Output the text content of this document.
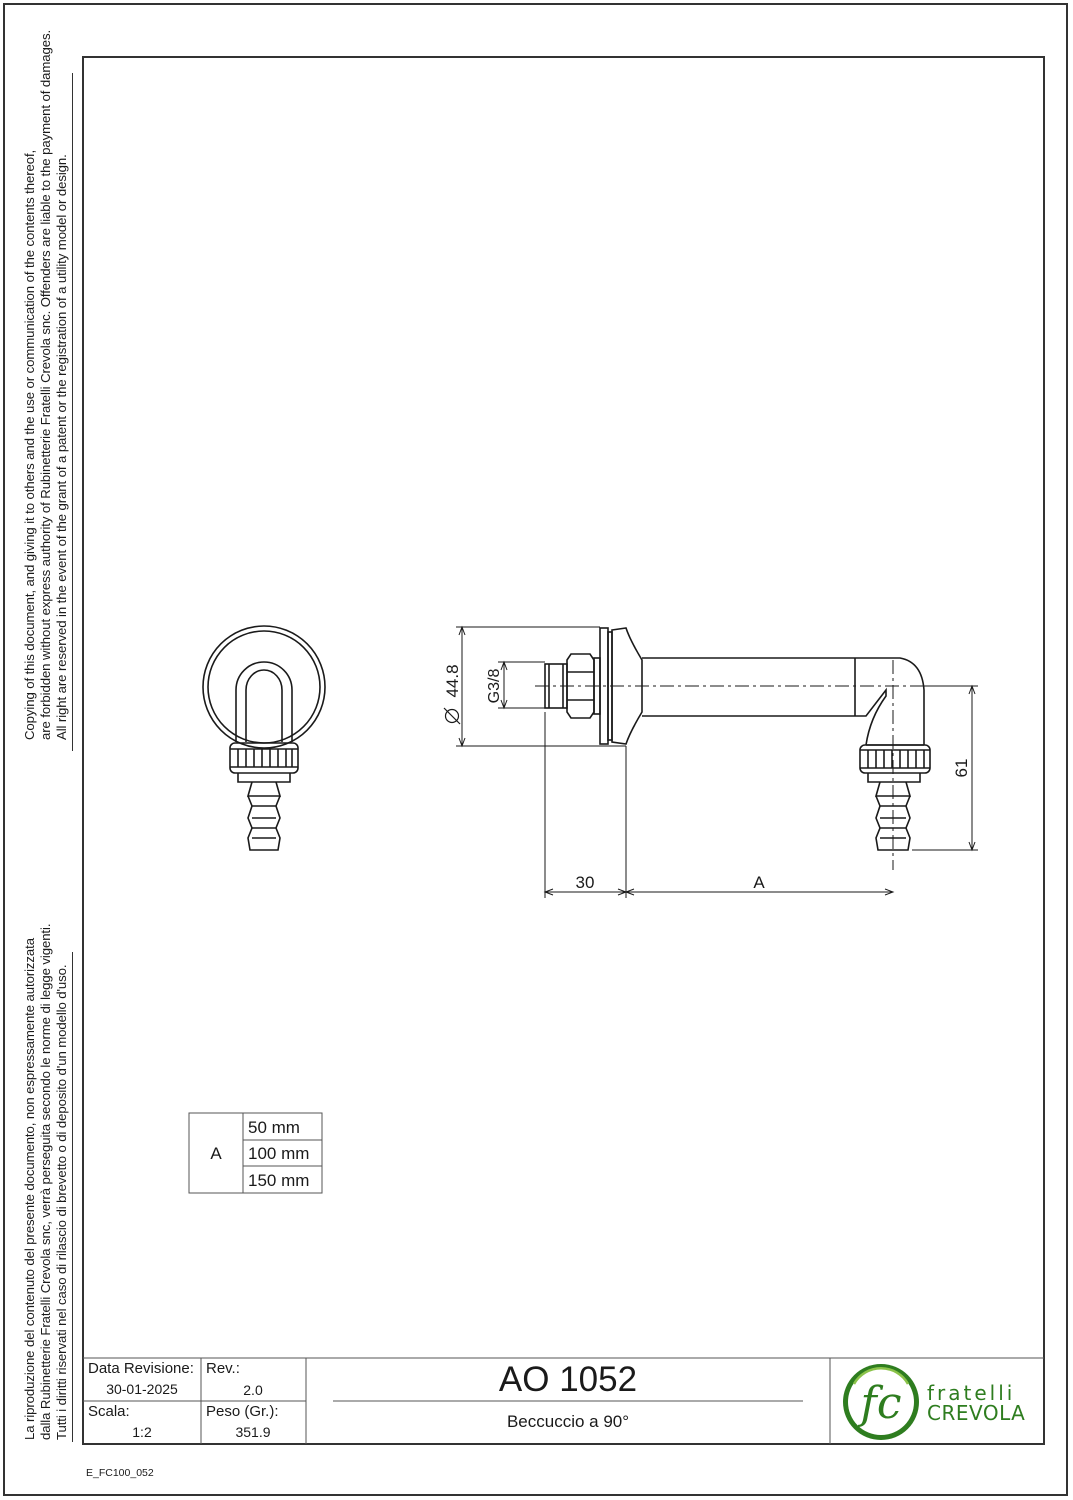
Copying of this document, and giving it to others and the use or communication of the contents thereof, are forbidden without express authority of Rubinetterie Fratelli Crevola snc. Offenders are liable to the payment of damages. All right are reserved in the event of the grant of a patent or the registration of a utility model or design.
La riproduzione del contenuto del presente documento, non espressamente autorizzata dalla Rubinetterie Fratelli Crevola snc, verrà perseguita secondo le norme di legge vigenti. Tutti i diritti riservati nel caso di rilascio di brevetto o di deposito d'un modello d'uso.
44.8 G3/8
30	A
61
A
50 mm
100 mm
150 mm
fc
Data Revisione:
30-01-2025
Rev.:
2.0
Scala:
1:2
Peso (Gr.):
351.9
AO 1052
Beccuccio a 90°
fratelli
CREVOLA
E_FC100_052
